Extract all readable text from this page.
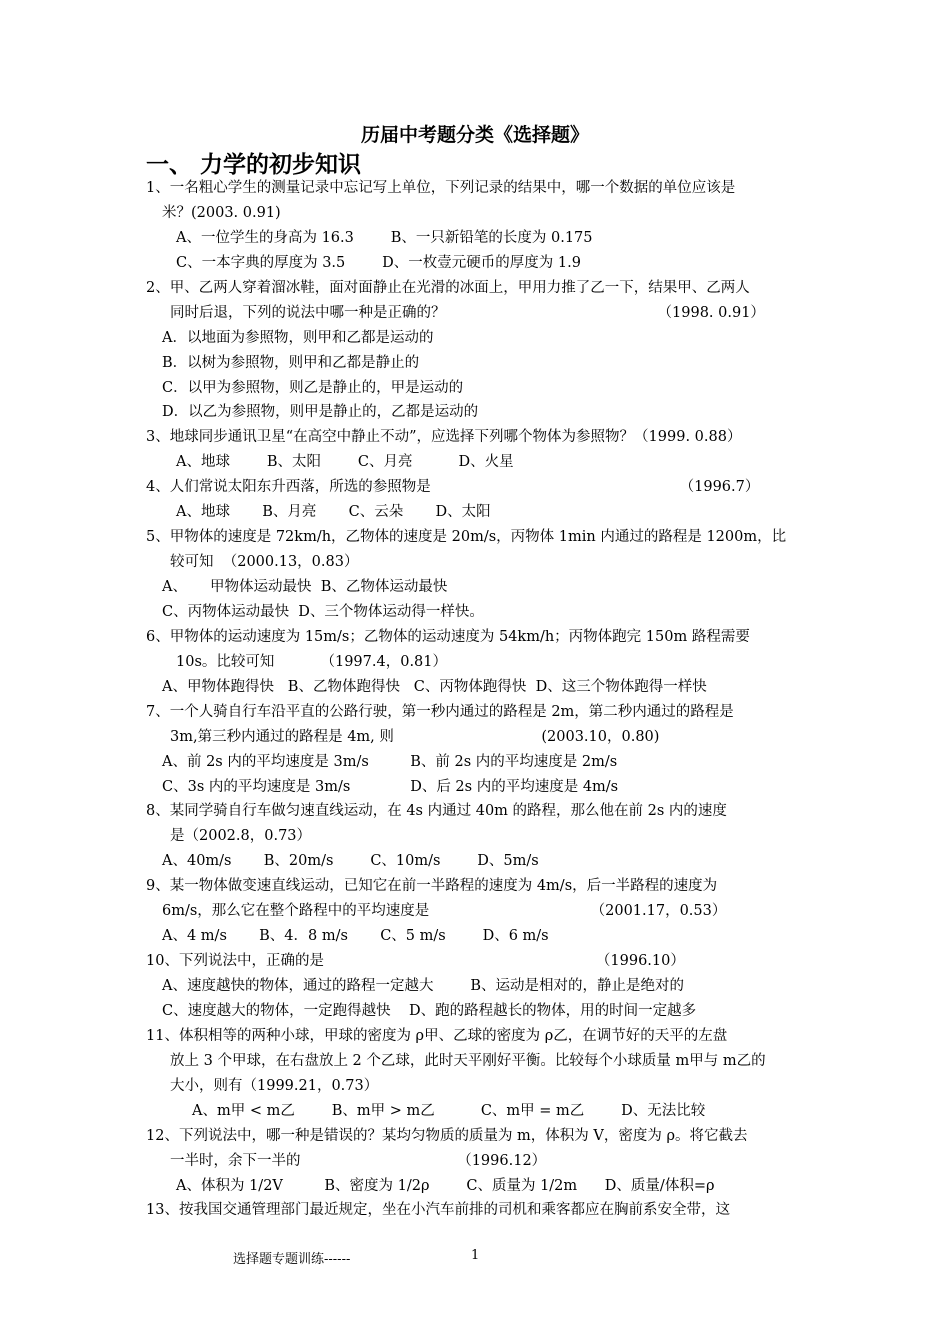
历届中考题分类《选择题》
一、 力学的初步知识
1、一名粗心学生的测量记录中忘记写上单位，下列记录的结果中，哪一个数据的单位应该是
米？(2003. 0.91)
A、一位学生的身高为 16.3        B、一只新铅笔的长度为 0.175
C、一本字典的厚度为 3.5        D、一枚壹元硬币的厚度为 1.9
2、甲、乙两人穿着溜冰鞋，面对面静止在光滑的冰面上，甲用力推了乙一下，结果甲、乙两人
同时后退，下列的说法中哪一种是正确的？                                              （1998. 0.91）
A．以地面为参照物，则甲和乙都是运动的
B．以树为参照物，则甲和乙都是静止的
C．以甲为参照物，则乙是静止的，甲是运动的
D．以乙为参照物，则甲是静止的，乙都是运动的
3、地球同步通讯卫星“在高空中静止不动”，应选择下列哪个物体为参照物？（1999. 0.88）
A、地球        B、太阳        C、月亮          D、火星
4、人们常说太阳东升西落，所选的参照物是                                                      （1996.7）
A、地球       B、月亮       C、云朵       D、太阳
5、甲物体的速度是 72km/h，乙物体的速度是 20m/s，丙物体 1min 内通过的路程是 1200m，比
较可知  （2000.13，0.83）
A、     甲物体运动最快  B、乙物体运动最快
C、丙物体运动最快  D、三个物体运动得一样快。
6、甲物体的运动速度为 15m/s；乙物体的运动速度为 54km/h；丙物体跑完 150m 路程需要
10s。比较可知          （1997.4，0.81）
A、甲物体跑得快   B、乙物体跑得快   C、丙物体跑得快  D、这三个物体跑得一样快
7、一个人骑自行车沿平直的公路行驶，第一秒内通过的路程是 2m，第二秒内通过的路程是
3m,第三秒内通过的路程是 4m, 则                                (2003.10，0.80)
A、前 2s 内的平均速度是 3m/s         B、前 2s 内的平均速度是 2m/s
C、3s 内的平均速度是 3m/s             D、后 2s 内的平均速度是 4m/s
8、某同学骑自行车做匀速直线运动，在 4s 内通过 40m 的路程，那么他在前 2s 内的速度
是（2002.8，0.73）
A、40m/s       B、20m/s        C、10m/s        D、5m/s
9、某一物体做变速直线运动，已知它在前一半路程的速度为 4m/s，后一半路程的速度为
6m/s，那么它在整个路程中的平均速度是                                   （2001.17，0.53）
A、4 m/s       B、4．8 m/s       C、5 m/s        D、6 m/s
10、下列说法中，正确的是                                                           （1996.10）
A、速度越快的物体，通过的路程一定越大        B、运动是相对的，静止是绝对的
C、速度越大的物体，一定跑得越快    D、跑的路程越长的物体，用的时间一定越多
11、体积相等的两种小球，甲球的密度为 ρ甲、乙球的密度为 ρ乙，在调节好的天平的左盘
放上 3 个甲球，在右盘放上 2 个乙球，此时天平刚好平衡。比较每个小球质量 m甲与 m乙的
大小，则有（1999.21，0.73）
A、m甲 < m乙        B、m甲 > m乙          C、m甲 = m乙        D、无法比较
12、下列说法中，哪一种是错误的？某均匀物质的质量为 m，体积为 V，密度为 ρ。将它截去
一半时，余下一半的                                  （1996.12）
A、体积为 1/2V         B、密度为 1/2ρ        C、质量为 1/2m      D、质量/体积=ρ
13、按我国交通管理部门最近规定，坐在小汽车前排的司机和乘客都应在胸前系安全带，这
选择题专题训练------	1
